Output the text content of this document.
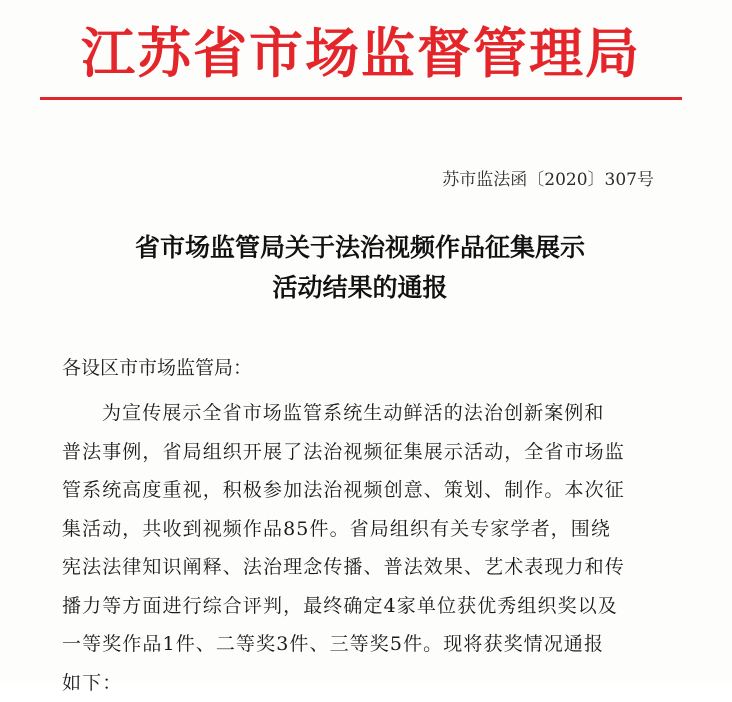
江苏省市场监督管理局
苏市监法函〔2020〕307号
省市场监管局关于法治视频作品征集展示
活动结果的通报
各设区市市场监管局：
为宣传展示全省市场监管系统生动鲜活的法治创新案例和
普法事例，省局组织开展了法治视频征集展示活动，全省市场监
管系统高度重视，积极参加法治视频创意、策划、制作。本次征
集活动，共收到视频作品85件。省局组织有关专家学者，围绕
宪法法律知识阐释、法治理念传播、普法效果、艺术表现力和传
播力等方面进行综合评判，最终确定4家单位获优秀组织奖以及
一等奖作品1件、二等奖3件、三等奖5件。现将获奖情况通报
如下：
